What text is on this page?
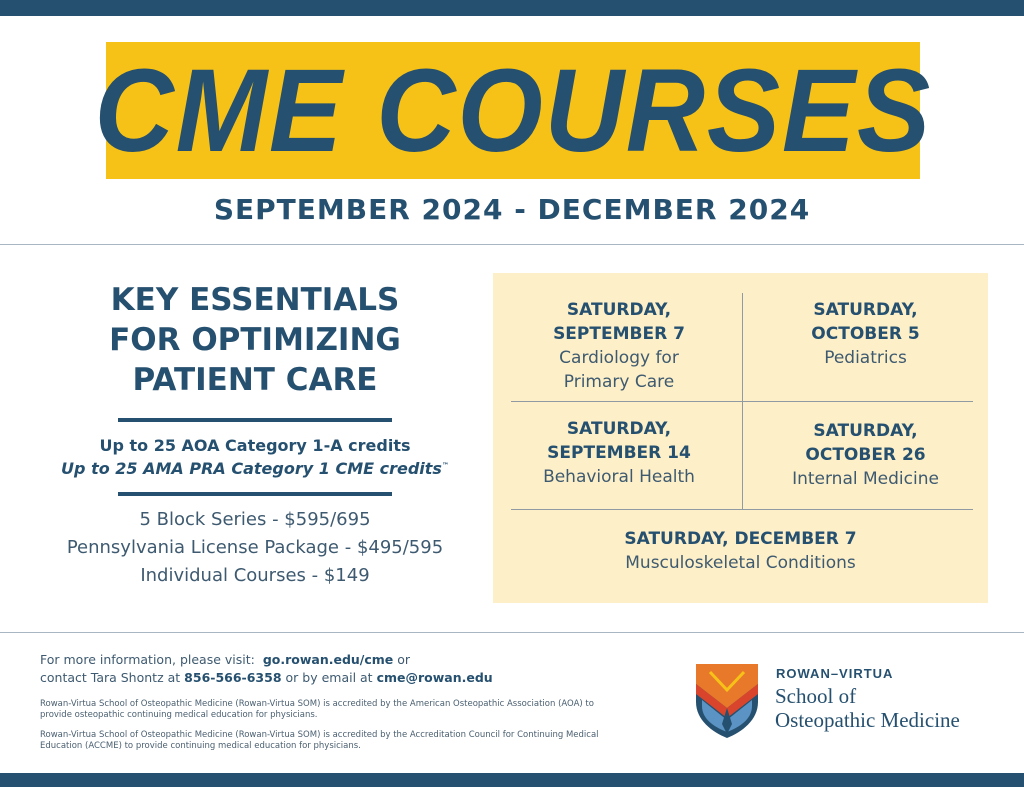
CME COURSES
SEPTEMBER 2024 - DECEMBER 2024
KEY ESSENTIALS
FOR OPTIMIZING
PATIENT CARE
Up to 25 AOA Category 1-A credits
Up to 25 AMA PRA Category 1 CME credits™
5 Block Series - $595/695
Pennsylvania License Package - $495/595
Individual Courses - $149
SATURDAY,
SEPTEMBER 7
Cardiology for
Primary Care
SATURDAY,
OCTOBER 5
Pediatrics
SATURDAY,
SEPTEMBER 14
Behavioral Health
SATURDAY,
OCTOBER 26
Internal Medicine
SATURDAY, DECEMBER 7
Musculoskeletal Conditions
For more information, please visit: go.rowan.edu/cme or
contact Tara Shontz at 856-566-6358 or by email at cme@rowan.edu
Rowan-Virtua School of Osteopathic Medicine (Rowan-Virtua SOM) is accredited by the American Osteopathic Association (AOA) to provide osteopathic continuing medical education for physicians.
Rowan-Virtua School of Osteopathic Medicine (Rowan-Virtua SOM) is accredited by the Accreditation Council for Continuing Medical Education (ACCME) to provide continuing medical education for physicians.
ROWAN–VIRTUA
School of
Osteopathic Medicine
